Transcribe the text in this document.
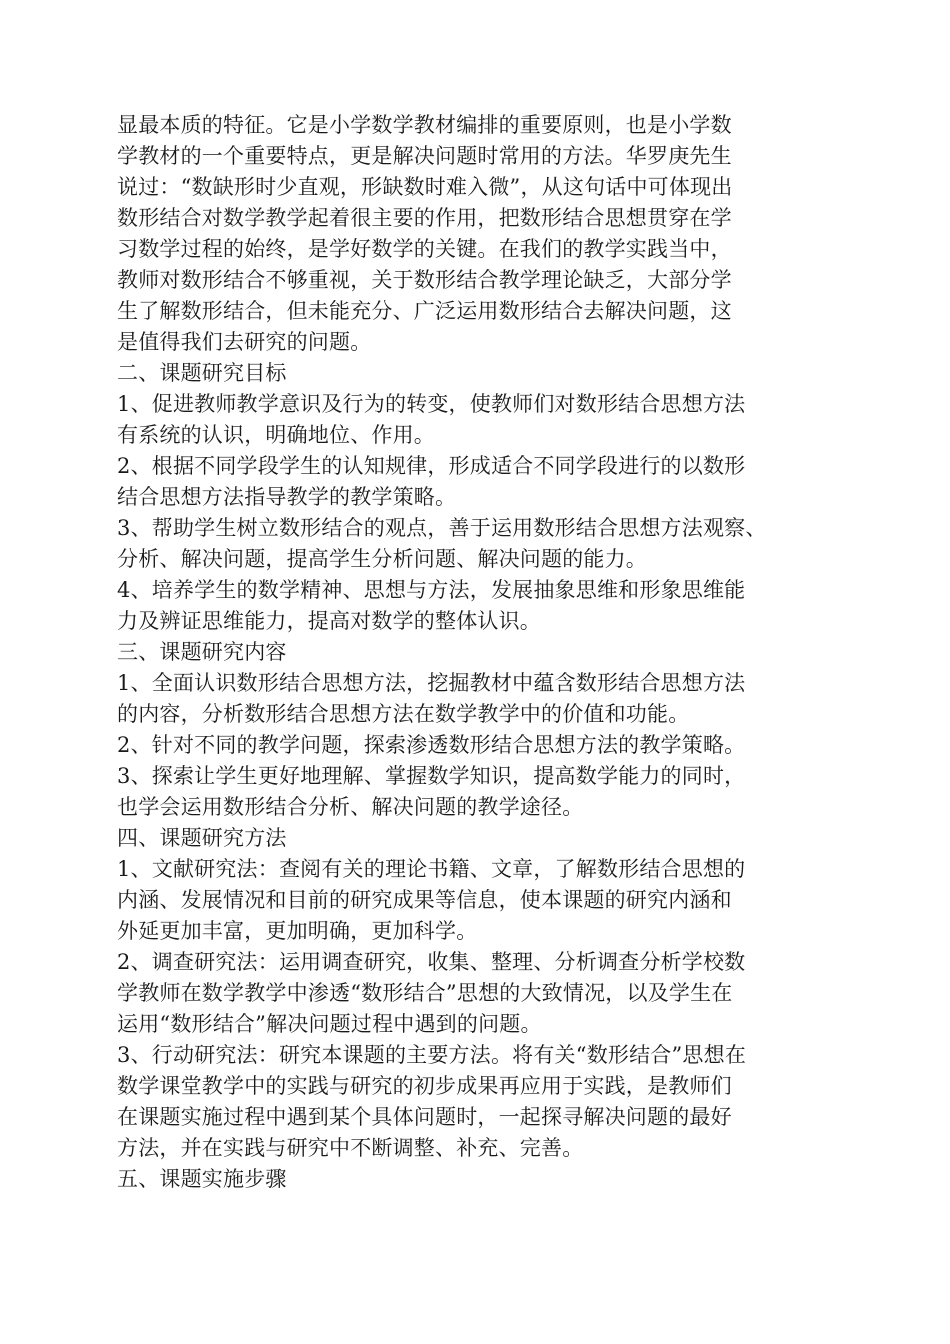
显最本质的特征。它是小学数学教材编排的重要原则，也是小学数
学教材的一个重要特点，更是解决问题时常用的方法。华罗庚先生
说过：“数缺形时少直观，形缺数时难入微”，从这句话中可体现出
数形结合对数学教学起着很主要的作用，把数形结合思想贯穿在学
习数学过程的始终，是学好数学的关键。在我们的教学实践当中，
教师对数形结合不够重视，关于数形结合教学理论缺乏，大部分学
生了解数形结合，但未能充分、广泛运用数形结合去解决问题，这
是值得我们去研究的问题。
二、课题研究目标
1、促进教师教学意识及行为的转变，使教师们对数形结合思想方法
有系统的认识，明确地位、作用。
2、根据不同学段学生的认知规律，形成适合不同学段进行的以数形
结合思想方法指导教学的教学策略。
3、帮助学生树立数形结合的观点，善于运用数形结合思想方法观察、
分析、解决问题，提高学生分析问题、解决问题的能力。
4、培养学生的数学精神、思想与方法，发展抽象思维和形象思维能
力及辨证思维能力，提高对数学的整体认识。
三、课题研究内容
1、全面认识数形结合思想方法，挖掘教材中蕴含数形结合思想方法
的内容，分析数形结合思想方法在数学教学中的价值和功能。
2、针对不同的教学问题，探索渗透数形结合思想方法的教学策略。
3、探索让学生更好地理解、掌握数学知识，提高数学能力的同时，
也学会运用数形结合分析、解决问题的教学途径。
四、课题研究方法
1、文献研究法：查阅有关的理论书籍、文章，了解数形结合思想的
内涵、发展情况和目前的研究成果等信息，使本课题的研究内涵和
外延更加丰富，更加明确，更加科学。
2、调查研究法：运用调查研究，收集、整理、分析调查分析学校数
学教师在数学教学中渗透“数形结合”思想的大致情况，以及学生在
运用“数形结合”解决问题过程中遇到的问题。
3、行动研究法：研究本课题的主要方法。将有关“数形结合”思想在
数学课堂教学中的实践与研究的初步成果再应用于实践，是教师们
在课题实施过程中遇到某个具体问题时，一起探寻解决问题的最好
方法，并在实践与研究中不断调整、补充、完善。
五、课题实施步骤
